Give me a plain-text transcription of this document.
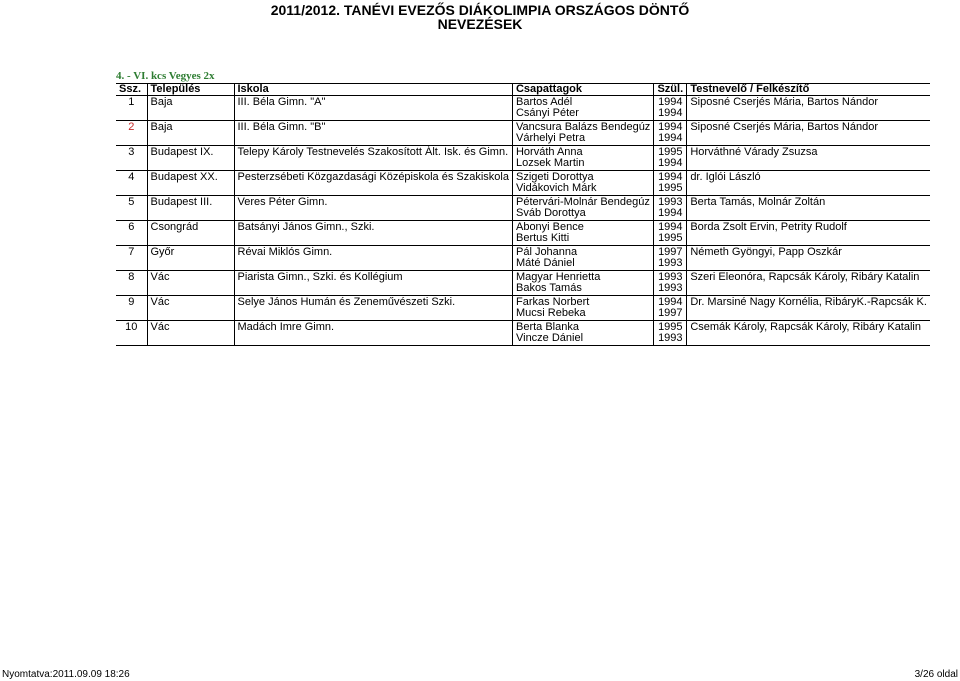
2011/2012. TANÉVI EVEZŐS DIÁKOLIMPIA ORSZÁGOS DÖNTŐ
NEVEZÉSEK
4. - VI. kcs Vegyes 2x
Ssz.	Település	Iskola	Csapattagok	Szül.	Testnevelő / Felkészítő
1	Baja	III. Béla Gimn. "A"	Bartos Adél	1994	Siposné Cserjés Mária, Bartos Nándor
			Csányi Péter	1994	
2	Baja	III. Béla Gimn. "B"	Vancsura Balázs Bendegúz	1994	Siposné Cserjés Mária, Bartos Nándor
			Várhelyi Petra	1994	
3	Budapest IX.	Telepy Károly Testnevelés Szakosított Ált. Isk. és Gimn.	Horváth Anna	1995	Horváthné Várady Zsuzsa
			Lozsek Martin	1994	
4	Budapest XX.	Pesterzsébeti Közgazdasági Középiskola és Szakiskola	Szigeti Dorottya	1994	dr. Iglói László
			Vidákovich Márk	1995	
5	Budapest III.	Veres Péter Gimn.	Pétervári-Molnár Bendegúz	1993	Berta Tamás, Molnár Zoltán
			Sváb Dorottya	1994	
6	Csongrád	Batsányi János Gimn., Szki.	Abonyi Bence	1994	Borda Zsolt Ervin, Petrity Rudolf
			Bertus Kitti	1995	
7	Győr	Révai Miklós Gimn.	Pál Johanna	1997	Németh Gyöngyi, Papp Oszkár
			Máté Dániel	1993	
8	Vác	Piarista Gimn., Szki. és Kollégium	Magyar Henrietta	1993	Szeri Eleonóra, Rapcsák Károly, Ribáry Katalin
			Bakos Tamás	1993	
9	Vác	Selye János Humán és Zeneművészeti Szki.	Farkas Norbert	1994	Dr. Marsiné Nagy Kornélia, RibáryK.-Rapcsák K.
			Mucsi Rebeka	1997	
10	Vác	Madách Imre Gimn.	Berta Blanka	1995	Csemák Károly, Rapcsák Károly, Ribáry Katalin
			Vincze Dániel	1993	
Nyomtatva:2011.09.09 18:26	3/26 oldal
